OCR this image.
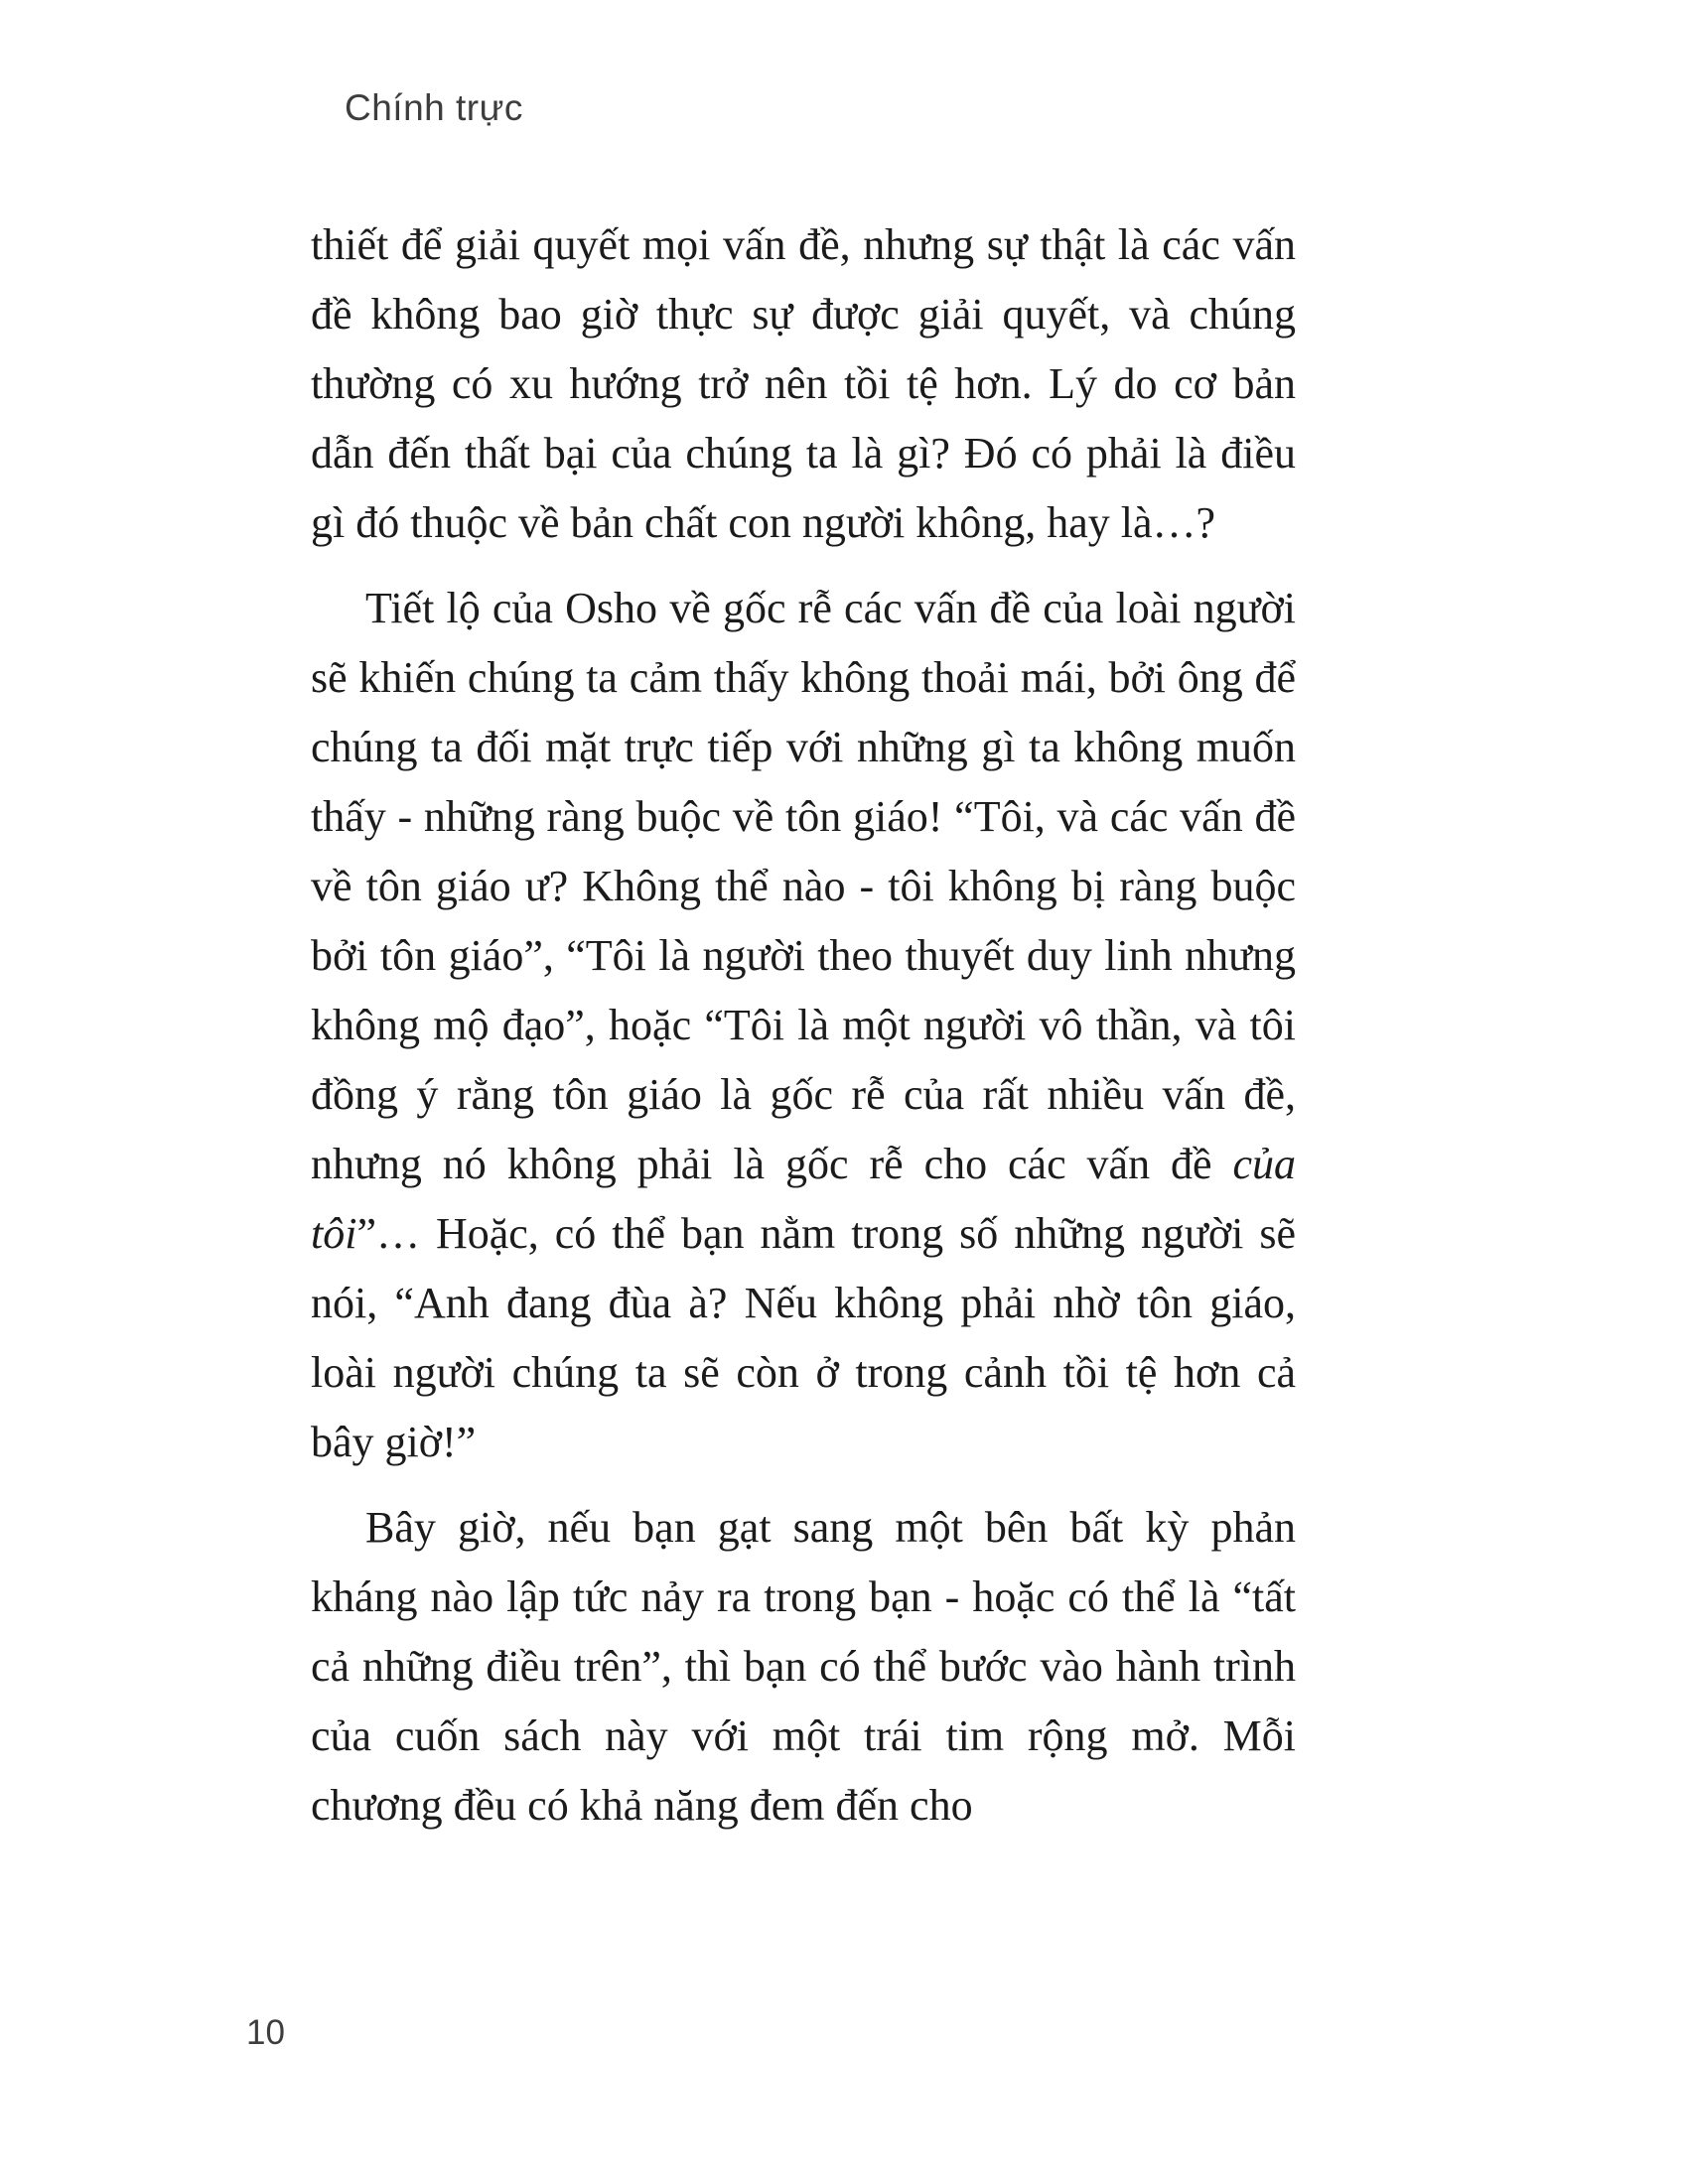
Chính trực

thiết để giải quyết mọi vấn đề, nhưng sự thật là các vấn đề không bao giờ thực sự được giải quyết, và chúng thường có xu hướng trở nên tồi tệ hơn. Lý do cơ bản dẫn đến thất bại của chúng ta là gì? Đó có phải là điều gì đó thuộc về bản chất con người không, hay là…?

Tiết lộ của Osho về gốc rễ các vấn đề của loài người sẽ khiến chúng ta cảm thấy không thoải mái, bởi ông để chúng ta đối mặt trực tiếp với những gì ta không muốn thấy - những ràng buộc về tôn giáo! “Tôi, và các vấn đề về tôn giáo ư? Không thể nào - tôi không bị ràng buộc bởi tôn giáo”, “Tôi là người theo thuyết duy linh nhưng không mộ đạo”, hoặc “Tôi là một người vô thần, và tôi đồng ý rằng tôn giáo là gốc rễ của rất nhiều vấn đề, nhưng nó không phải là gốc rễ cho các vấn đề của tôi”… Hoặc, có thể bạn nằm trong số những người sẽ nói, “Anh đang đùa à? Nếu không phải nhờ tôn giáo, loài người chúng ta sẽ còn ở trong cảnh tồi tệ hơn cả bây giờ!”

Bây giờ, nếu bạn gạt sang một bên bất kỳ phản kháng nào lập tức nảy ra trong bạn - hoặc có thể là “tất cả những điều trên”, thì bạn có thể bước vào hành trình của cuốn sách này với một trái tim rộng mở. Mỗi chương đều có khả năng đem đến cho

10
